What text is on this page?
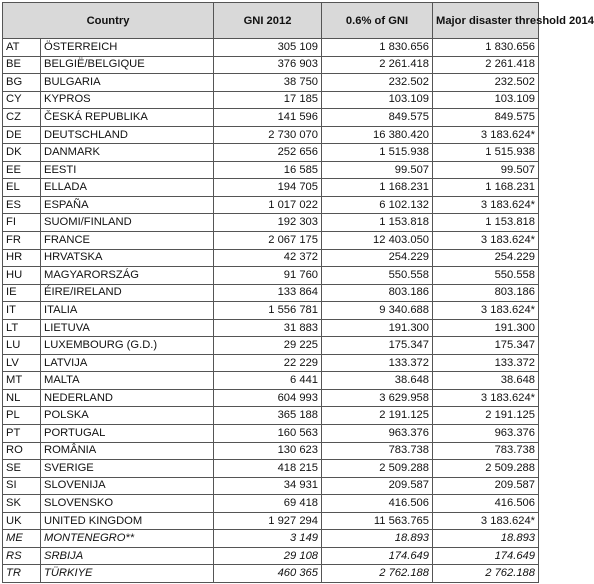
Country		GNI 2012	0.6% of GNI	Major disaster threshold 2014
AT	ÖSTERREICH	305 109	1 830.656	1 830.656
BE	BELGIË/BELGIQUE	376 903	2 261.418	2 261.418
BG	BULGARIA	38 750	232.502	232.502
CY	KYPROS	17 185	103.109	103.109
CZ	ČESKÁ REPUBLIKA	141 596	849.575	849.575
DE	DEUTSCHLAND	2 730 070	16 380.420	3 183.624*
DK	DANMARK	252 656	1 515.938	1 515.938
EE	EESTI	16 585	99.507	99.507
EL	ELLADA	194 705	1 168.231	1 168.231
ES	ESPAÑA	1 017 022	6 102.132	3 183.624*
FI	SUOMI/FINLAND	192 303	1 153.818	1 153.818
FR	FRANCE	2 067 175	12 403.050	3 183.624*
HR	HRVATSKA	42 372	254.229	254.229
HU	MAGYARORSZÁG	91 760	550.558	550.558
IE	ÉIRE/IRELAND	133 864	803.186	803.186
IT	ITALIA	1 556 781	9 340.688	3 183.624*
LT	LIETUVA	31 883	191.300	191.300
LU	LUXEMBOURG (G.D.)	29 225	175.347	175.347
LV	LATVIJA	22 229	133.372	133.372
MT	MALTA	6 441	38.648	38.648
NL	NEDERLAND	604 993	3 629.958	3 183.624*
PL	POLSKA	365 188	2 191.125	2 191.125
PT	PORTUGAL	160 563	963.376	963.376
RO	ROMÂNIA	130 623	783.738	783.738
SE	SVERIGE	418 215	2 509.288	2 509.288
SI	SLOVENIJA	34 931	209.587	209.587
SK	SLOVENSKO	69 418	416.506	416.506
UK	UNITED KINGDOM	1 927 294	11 563.765	3 183.624*
ME	MONTENEGRO**	3 149	18.893	18.893
RS	SRBIJA	29 108	174.649	174.649
TR	TÜRKIYE	460 365	2 762.188	2 762.188
